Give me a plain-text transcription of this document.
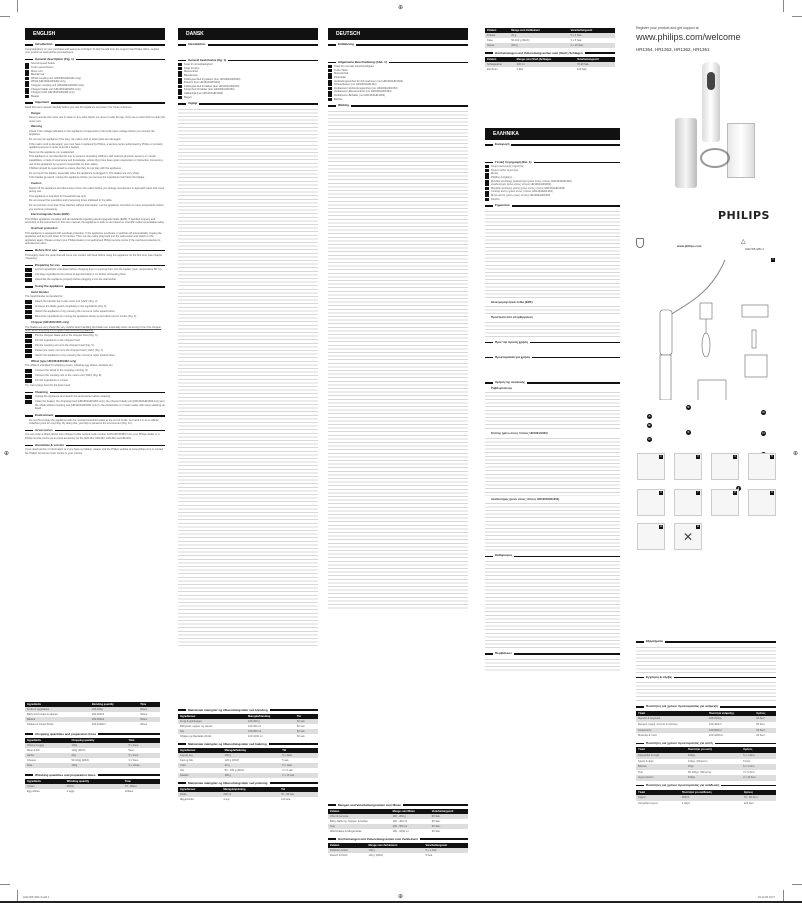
⊕
⊕	⊕
⊕
ENGLISH
Introduction
Congratulations on your purchase and welcome to Philips! To fully benefit from the support that Philips offers, register your product at www.philips.com/welcome.
General description (Fig. 1)
Normal speed button
Turbo speed button
Motor unit
Blender bar
Whisk coupling unit (HR1364/HR1362 only)
Whisk (HR1364/HR1362 only)
Chopper coupling unit (HR1364/HR1363 only)
Chopper blade unit (HR1364/HR1363 only)
Chopper bowl (HR1364/HR1363 only)
Beaker
Important
Read this user manual carefully before you use the appliance and save it for future reference.
Danger
Never immerse the motor unit in water or any other liquid, nor rinse it under the tap. Only use a moist cloth to clean the motor unit.
Warning
Check if the voltage indicated on the appliance corresponds to the local mains voltage before you connect the appliance.
Do not use the appliance if the plug, the mains cord or other parts are damaged.
If the mains cord is damaged, you must have it replaced by Philips, a service centre authorised by Philips or similarly qualified persons in order to avoid a hazard.
Never let the appliance run unattended.
This appliance is not intended for use by persons (including children) with reduced physical, sensory or mental capabilities, or lack of experience and knowledge, unless they have been given supervision or instruction concerning use of the appliance by a person responsible for their safety.
Children should be supervised to ensure that they do not play with the appliance.
Do not touch the blades, especially when the appliance is plugged in. The blades are very sharp.
If the blades get stuck, unplug the appliance before you remove the ingredients that block the blades.
Caution
Switch off the appliance and disconnect it from the mains before you change accessories or approach parts that move during use.
This appliance is intended for household use only.
Do not exceed the quantities and processing times indicated in the table.
Do not process more than three batches without interruption. Let the appliance cool down to room temperature before you continue processing.
Electromagnetic fields (EMF)
This Philips appliance complies with all standards regarding electromagnetic fields (EMF). If handled properly and according to the instructions in this user manual, the appliance is safe to use based on scientific evidence available today.
Overheat protection
This appliance is equipped with overheat protection. If the appliance overheats, it switches off automatically. Unplug the appliance and let it cool down for 5 minutes. Then put the mains plug back into the wall socket and switch on the appliance again. Please contact your Philips dealer or an authorised Philips service centre if the overheat protection is activated too often.
Before first use
Thoroughly clean the parts that will come into contact with food before using the appliance for the first time (see chapter 'Cleaning').
Preparing for use
Let hot ingredients cool down before chopping them or pouring them into the beaker (max. temperature 80 °C).
Cut large ingredients into pieces of approximately 2 cm before processing them.
Assemble the appliance properly before plugging it into the wall socket.
Using the appliance
Hand blender
The hand blender is intended for:
Attach the blender bar to the motor unit ('click') (Fig. 2).
Immerse the blade guard completely in the ingredients (Fig. 3).
Switch the appliance on by pressing the normal or turbo speed button.
Blend the ingredients by moving the appliance slowly up and down and in circles (Fig. 4).
Chopper (HR1364/1363 only)
The blades are very sharp! Be very careful when handling the blade unit, especially when removing it from the chopper bowl, when emptying the chopper bowl and during cleaning.
Put the chopper blade unit in the chopper bowl (Fig. 5).
Put the ingredients in the chopper bowl.
Put the coupling unit onto the chopper bowl (Fig. 6).
Fasten the motor unit onto the chopper bowl ('click') (Fig. 7).
Switch the appliance on by pressing the normal or turbo speed button.
Whisk (type HR1364/HR1362 only)
The whisk is intended for whipping cream, whisking egg whites, desserts etc.
Connect the whisk to the coupling unit (Fig. 8).
Connect the coupling unit to the motor unit ('click') (Fig. 9).
Put the ingredients in a bowl.
Tip: Use a large bowl for the best result.
Cleaning
Unplug the appliance and detach the accessories before cleaning.
Clean the beaker, the chopping bowl (HR1364/HR1363 only), the chopper blade unit (HR1364/HR1363 only) and the whisk without coupling unit (HR1364/HR1362 only) in the dishwasher or in warm water with some washing-up liquid.
Environment
Do not throw away the appliance with the normal household waste at the end of its life, but hand it in at an official collection point for recycling. By doing this, you help to preserve the environment (Fig. 11).
Accessories
You can order a direct-driven mini chopper (order service code number 4203 035 83450) from your Philips dealer or a Philips service centre as an extra accessory for the HR1364, HR1363, HR1362 and HR1361.
Guarantee & service
If you need service or information or if you have a problem, please visit the Philips website at www.philips.com or contact the Philips Consumer Care Centre in your country.
Ingredients	Blending quantity	Time
Fruits & vegetables	100-200g	60sec.
Baby food soups & sauces	100-400ml	60sec.
Batters	100-500ml	60sec.
Shakes & mixed drinks	100-1000ml	60sec.
Chopping quantities and preparation times
Ingredients	Chopping quantity	Time
Onions & eggs	100g	5 x 1sec.
Meat & fish	120g (MAX)	5sec.
Herbs	20g	5 x 1sec.
Cheese	50-100g (MAX)	3 x 5sec.
Nuts	100g	2 x 10sec.
Whisking quantities and preparation times
Ingredients	Whisking quantity	Time
Cream	200ml	70 - 90sec.
Egg whites	4 eggs	120sec.
DANSK
Introduktion
Generel beskrivelse (fig. 1)
Knap til normalhastighed
Knap til turbo
Motorenhed
Blenderstav
Koblingsenhed til piskeris (kun HR1364/HR1362)
Piskeris (kun HR1364/HR1362)
Koblingsenhed til hakker (kun HR1364/HR1363)
Knivenhed til hakker (kun HR1364/HR1363)
Hakkeskål (kun HR1364/HR1363)
Bæger
Vigtigt
Maksimale mængder og tilberedningstider ved blending
Ingredienser	Mængde/blanding	Tid
Frugt & grøntsager	100-200 g	60 sek.
Babymad, supper og saucer	100-400 ml	60 sek.
Dej	100-500 ml	60 sek.
Shakes og blandede drinks	100-1000 ml	60 sek.
Maksimale mængder og tilberedningstider ved hakning
Ingredienser	Mængde/hakning	Tid
Løg og æg	100 g	5 x 1sek.
Kød og fisk	120 g (MAX)	5 sek.
Urter	20 g	5 x 1sek.
Ost	50 - 100 g (MAX)	3 x 5 sek.
Nødder	100 g	2 x 10 sek.
Maksimale mængder og tilberedningstider ved piskning
Ingredienser	Mængde/piskning	Tid
Fløde	200 ml	70 - 90 sek.
Æggehvider	4 æg	120 sek.
DEUTSCH
Einführung
Allgemeine Beschreibung (Abb. 1)
Taste für normale Geschwindigkeit
Turbo-Taste
Motoreinheit
Pürierstab
Verbindungseinheit für Schneebesen (nur HR1364/HR1362)
Schneebesen (nur HR1364/HR1362)
Zerkleinerer-Verbindungseinheit (nur HR1364/HR1363)
Zerkleinerer-Messereinheit (nur HR1364/HR1363)
Zerkleinerer-Behälter (nur HR1364/HR1363)
Becher
Wichtig
Mengen und Verarbeitungszeiten zum Mixen
Zutaten	Menge zum Mixen	Verarbeitungszeit
Obst & Gemüse	100 - 200 g	60 Sek.
Baby-Nahrung, Suppen & Soßen	100 - 400 ml	60 Sek.
Teig	100 - 500 ml	60 Sek.
Milchshakes & Mixgetränke	100 - 1000 ml	60 Sek.
Höchstmengen und Zubereitungszeiten zum Zerkleinern
Zutaten	Menge zum Zerkleinern	Verarbeitungszeit
Zwiebeln & Eier	100 g	5 x 1 Sek.
Fleisch & Fisch	120 g (MAX)	5 Sek.
Zutaten	Menge zum Zerkleinern	Verarbeitungszeit
Kräuter	20 g	5 x 1 Sek.
Käse	50-100 g (MAX)	3 x 5 Sek.
Nüsse	100 g	2 x 10 Sek.
Höchstmengen und Zubereitungszeiten zum (Steif-) Schlagen
Zutaten	Menge zum (Steif-)Schlagen	Verarbeitungszeit
Schlagsahne	200 ml	70-90 Sek.
Eischnee	4 Eier	120 Sek.
ΕΛΛΗΝΙΚΑ
Εισαγωγή
Γενική περιγραφή (Εικ. 1)
Κουμπί κανονικής ταχύτητας
Κουμπί turbo ταχύτητας
Μοτέρ
Ράβδος ανάμειξης
Μονάδα σύνδεσης αναδευτήρα (μόνο στους τύπους HR1364/HR1362)
Αναδευτήρας (μόνο στους τύπους HR1364/HR1362)
Μονάδα σύνδεσης κόπτη (μόνο στους τύπους HR1364/HR1363)
Λεπίδες κόπτη (μόνο στους τύπους HR1364/HR1363)
Μπολ κόπτη (μόνο στους τύπους HR1364/HR1363)
Κανάτα
Σημαντικό
Ηλεκτρομαγνητικά πεδία (EMF)
Προστασία από υπερθέρμανση
Πριν την πρώτη χρήση
Προετοιμασία για χρήση
Χρήση της συσκευής
Ραβδομπλέντερ
Κόπτης (μόνο στους τύπους HR1364/1363)
Αναδευτήρας (μόνο στους τύπους HR1364/HR1362)
Καθαρισμός
Περιβάλλον
Register your product and get support at
www.philips.com/welcome
HR1364, HR1363, HR1362, HR1361
PHILIPS
www.philips.com
△
4222.005.4331.4
1
A
B
C
E
F
G
H
J
2	3	4	5
6	7	8	9
10	11
✕
Εξαρτήματα
Εγγύηση & σέρβις
Ποσότητες και χρόνοι προετοιμασίας για ανάμειξη
Υλικά	Ποσότητα ανάμειξης	Χρόνος
Φρούτα & λαχανικά	100-200γρ.	60 δευτ.
Βρεφική τροφή, σούπες & σάλτσες	100-400ml	60 δευτ.
Κουρκούτια	100-500ml	60 δευτ.
Μιλκσέικ & ποτά	100-1000ml	60 δευτ.
Ποσότητες και χρόνοι προετοιμασίας για κοπή
Υλικά	Ποσότητα για κοπή	Χρόνος
Κρεμμύδια & αυγά	100γρ.	5 x 1 δευτ.
Κρέας & ψάρι	120γρ. (Μέγιστο)	5 δευτ.
Βότανα	20γρ.	5 x 1 δευτ.
Τυρί	50-100γρ. (Μέγιστο)	3 x 5 δευτ.
Ξηροί καρποί	100γρ.	2 x 10 δευτ.
Ποσότητες και χρόνοι προετοιμασίας για ανάδευση
Υλικά	Ποσότητα για ανάδευση	Χρόνος
Κρέμα	200ml	70 - 90 δευτ.
Ασπράδια αυγών	4 αβγά	120 δευτ.
4222.005.4331.4.indd 1	03-12-09 10:27
